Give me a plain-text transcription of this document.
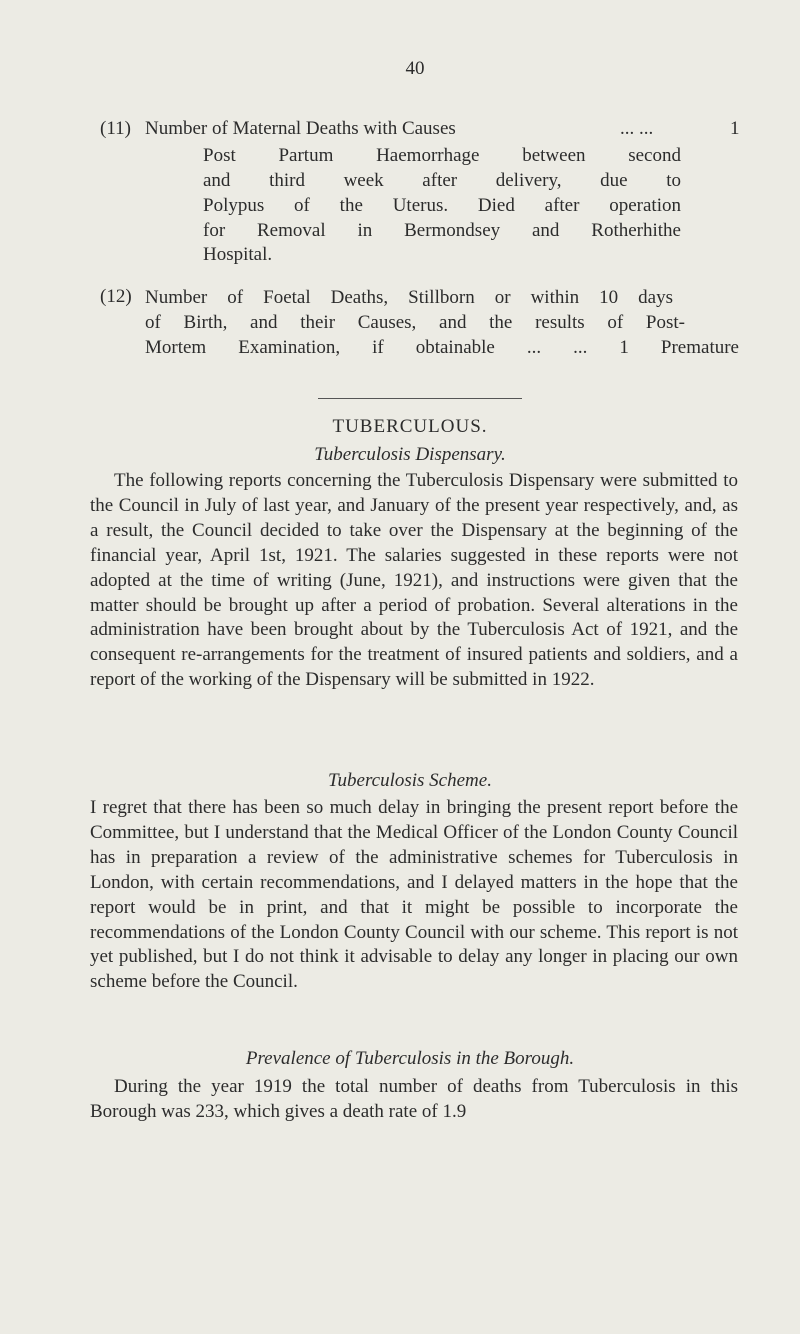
40
(11) Number of Maternal Deaths with Causes	... ...	1
Post Partum Haemorrhage between second
and third week after delivery, due to
Polypus of the Uterus. Died after operation
for Removal in Bermondsey and Rotherhithe
Hospital.
(12) Number of Foetal Deaths, Stillborn or within 10 days
of Birth, and their Causes, and the results of Post-
Mortem Examination, if obtainable ... ... 1 Premature
TUBERCULOUS.
Tuberculosis Dispensary.

The following reports concerning the Tuberculosis Dispensary were submitted to the Council in July of last year, and January of the present year respectively, and, as a result, the Council decided to take over the Dispensary at the beginning of the financial year, April 1st, 1921. The salaries suggested in these reports were not adopted at the time of writing (June, 1921), and instructions were given that the matter should be brought up after a period of probation. Several alterations in the administration have been brought about by the Tuberculosis Act of 1921, and the consequent re-arrangements for the treatment of insured patients and soldiers, and a report of the working of the Dispensary will be submitted in 1922.

Tuberculosis Scheme.

I regret that there has been so much delay in bringing the present report before the Committee, but I understand that the Medical Officer of the London County Council has in preparation a review of the administrative schemes for Tuberculosis in London, with certain recommendations, and I delayed matters in the hope that the report would be in print, and that it might be possible to incorporate the recommendations of the London County Council with our scheme. This report is not yet published, but I do not think it advisable to delay any longer in placing our own scheme before the Council.

Prevalence of Tuberculosis in the Borough.

During the year 1919 the total number of deaths from Tuberculosis in this Borough was 233, which gives a death rate of 1.9
